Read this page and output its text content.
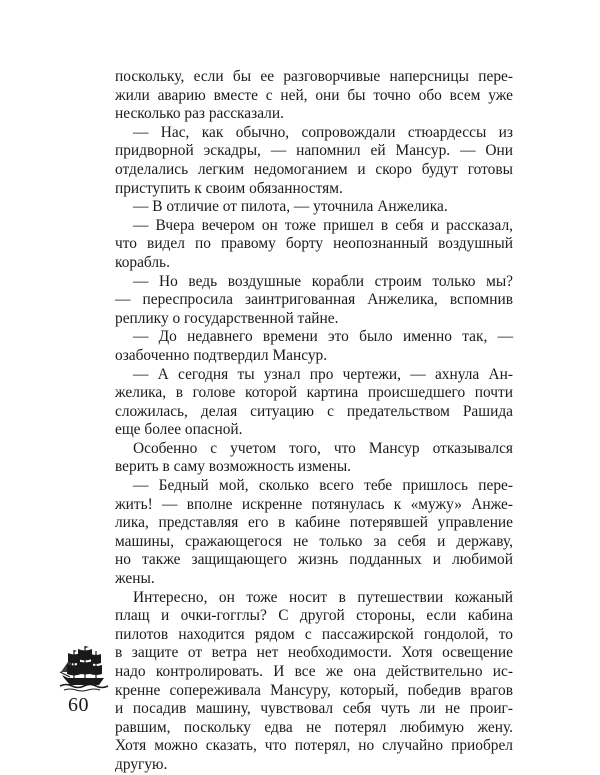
поскольку, если бы ее разговорчивые наперсницы пере-
жили аварию вместе с ней, они бы точно обо всем уже
несколько раз рассказали.
— Нас, как обычно, сопровождали стюардессы из
придворной эскадры, — напомнил ей Мансур. — Они
отделались легким недомоганием и скоро будут готовы
приступить к своим обязанностям.
— В отличие от пилота, — уточнила Анжелика.
— Вчера вечером он тоже пришел в себя и рассказал,
что видел по правому борту неопознанный воздушный
корабль.
— Но ведь воздушные корабли строим только мы?
— переспросила заинтригованная Анжелика, вспомнив
реплику о государственной тайне.
— До недавнего времени это было именно так, —
озабоченно подтвердил Мансур.
— А сегодня ты узнал про чертежи, — ахнула Ан-
желика, в голове которой картина происшедшего почти
сложилась, делая ситуацию с предательством Рашида
еще более опасной.
Особенно с учетом того, что Мансур отказывался
верить в саму возможность измены.
— Бедный мой, сколько всего тебе пришлось пере-
жить! — вполне искренне потянулась к «мужу» Анже-
лика, представляя его в кабине потерявшей управление
машины, сражающегося не только за себя и державу,
но также защищающего жизнь подданных и любимой
жены.
Интересно, он тоже носит в путешествии кожаный
плащ и очки-гогглы? С другой стороны, если кабина
пилотов находится рядом с пассажирской гондолой, то
в защите от ветра нет необходимости. Хотя освещение
надо контролировать. И все же она действительно ис-
кренне сопереживала Мансуру, который, победив врагов
и посадив машину, чувствовал себя чуть ли не проиг-
равшим, поскольку едва не потерял любимую жену.
Хотя можно сказать, что потерял, но случайно приобрел
другую.
60
